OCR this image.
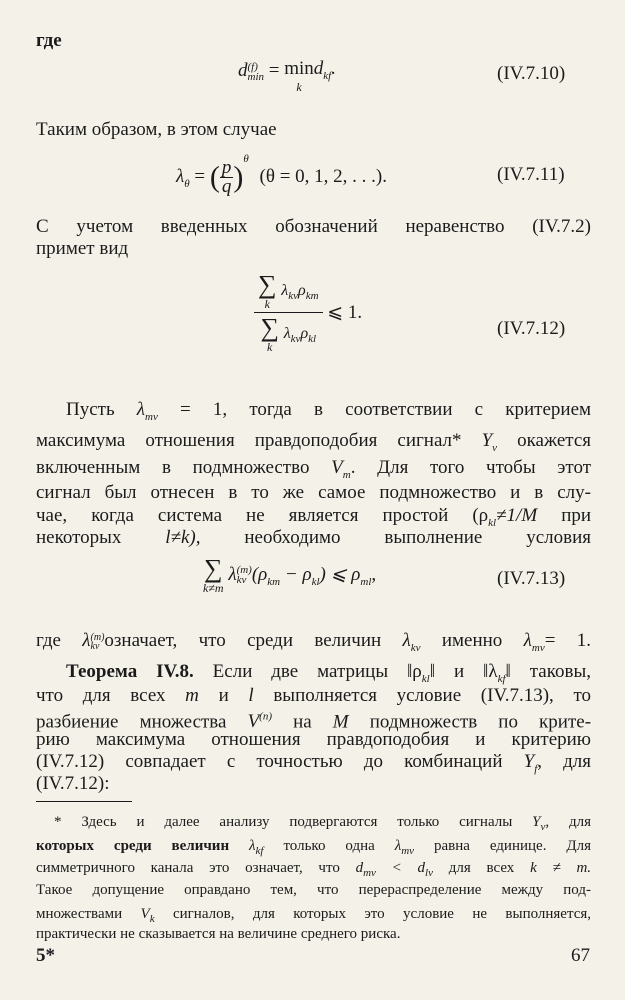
где
d (f)
min = min
k
$d_{kf}$.	(IV.7.10)
Таким образом, в этом случае
$\lambda_\theta$ = ( $\frac{p}{q} )^\theta$ (θ = 0, 1, 2, . . .).	(IV.7.11)
С учетом введенных обозначений неравенство (IV.7.2)
примет вид
∑
k
$\lambda_{k\nu}\rho_{km}$
∑
k
$\lambda_{k\nu}\rho_{kl}$
⩽ 1.
(IV.7.12)
Пусть $\lambda_{m\nu} = 1$, тогда в соответствии с критерием
максимума отношения правдоподобия сигнал* $Y_\nu$ окажется
включенным в подмножество $V_m$. Для того чтобы этот
сигнал был отнесен в то же самое подмножество и в слу-
чае, когда система не является простой ($\rho_{kl}\ne 1/M$ при
некоторых l≠k), необходимо выполнение условия
∑
k≠m
λ (m)
kν $(\rho_{km} - \rho_{kl})$ ⩽ $\rho_{ml}$,	(IV.7.13)
где λ (m)
kν означает, что среди величин $\lambda_{k\nu}$ именно $\lambda_{m\nu}= 1$.
Теорема IV.8. Если две матрицы $‖\rho_{kl}‖$ и $‖\lambda_{kf}‖$ таковы,
что для всех m и l выполняется условие (IV.7.13), то
разбиение множества $V^{(n)}$ на M подмножеств по крите-
рию максимума отношения правдоподобия и критерию
(IV.7.12) совпадает с точностью до комбинаций $Y_f$, для
(IV.7.12):
* Здесь и далее анализу подвергаются только сигналы $Y_\nu$, для
которых среди величин $\lambda_{kf}$ только одна $\lambda_{m\nu}$ равна единице. Для
симметричного канала это означает, что $d_{m\nu} < d_{l\nu}$ для всех k ≠ m.
Такое допущение оправдано тем, что перераспределение между под-
множествами $V_k$ сигналов, для которых это условие не выполняется,
практически не сказывается на величине среднего риска.
5*	67
